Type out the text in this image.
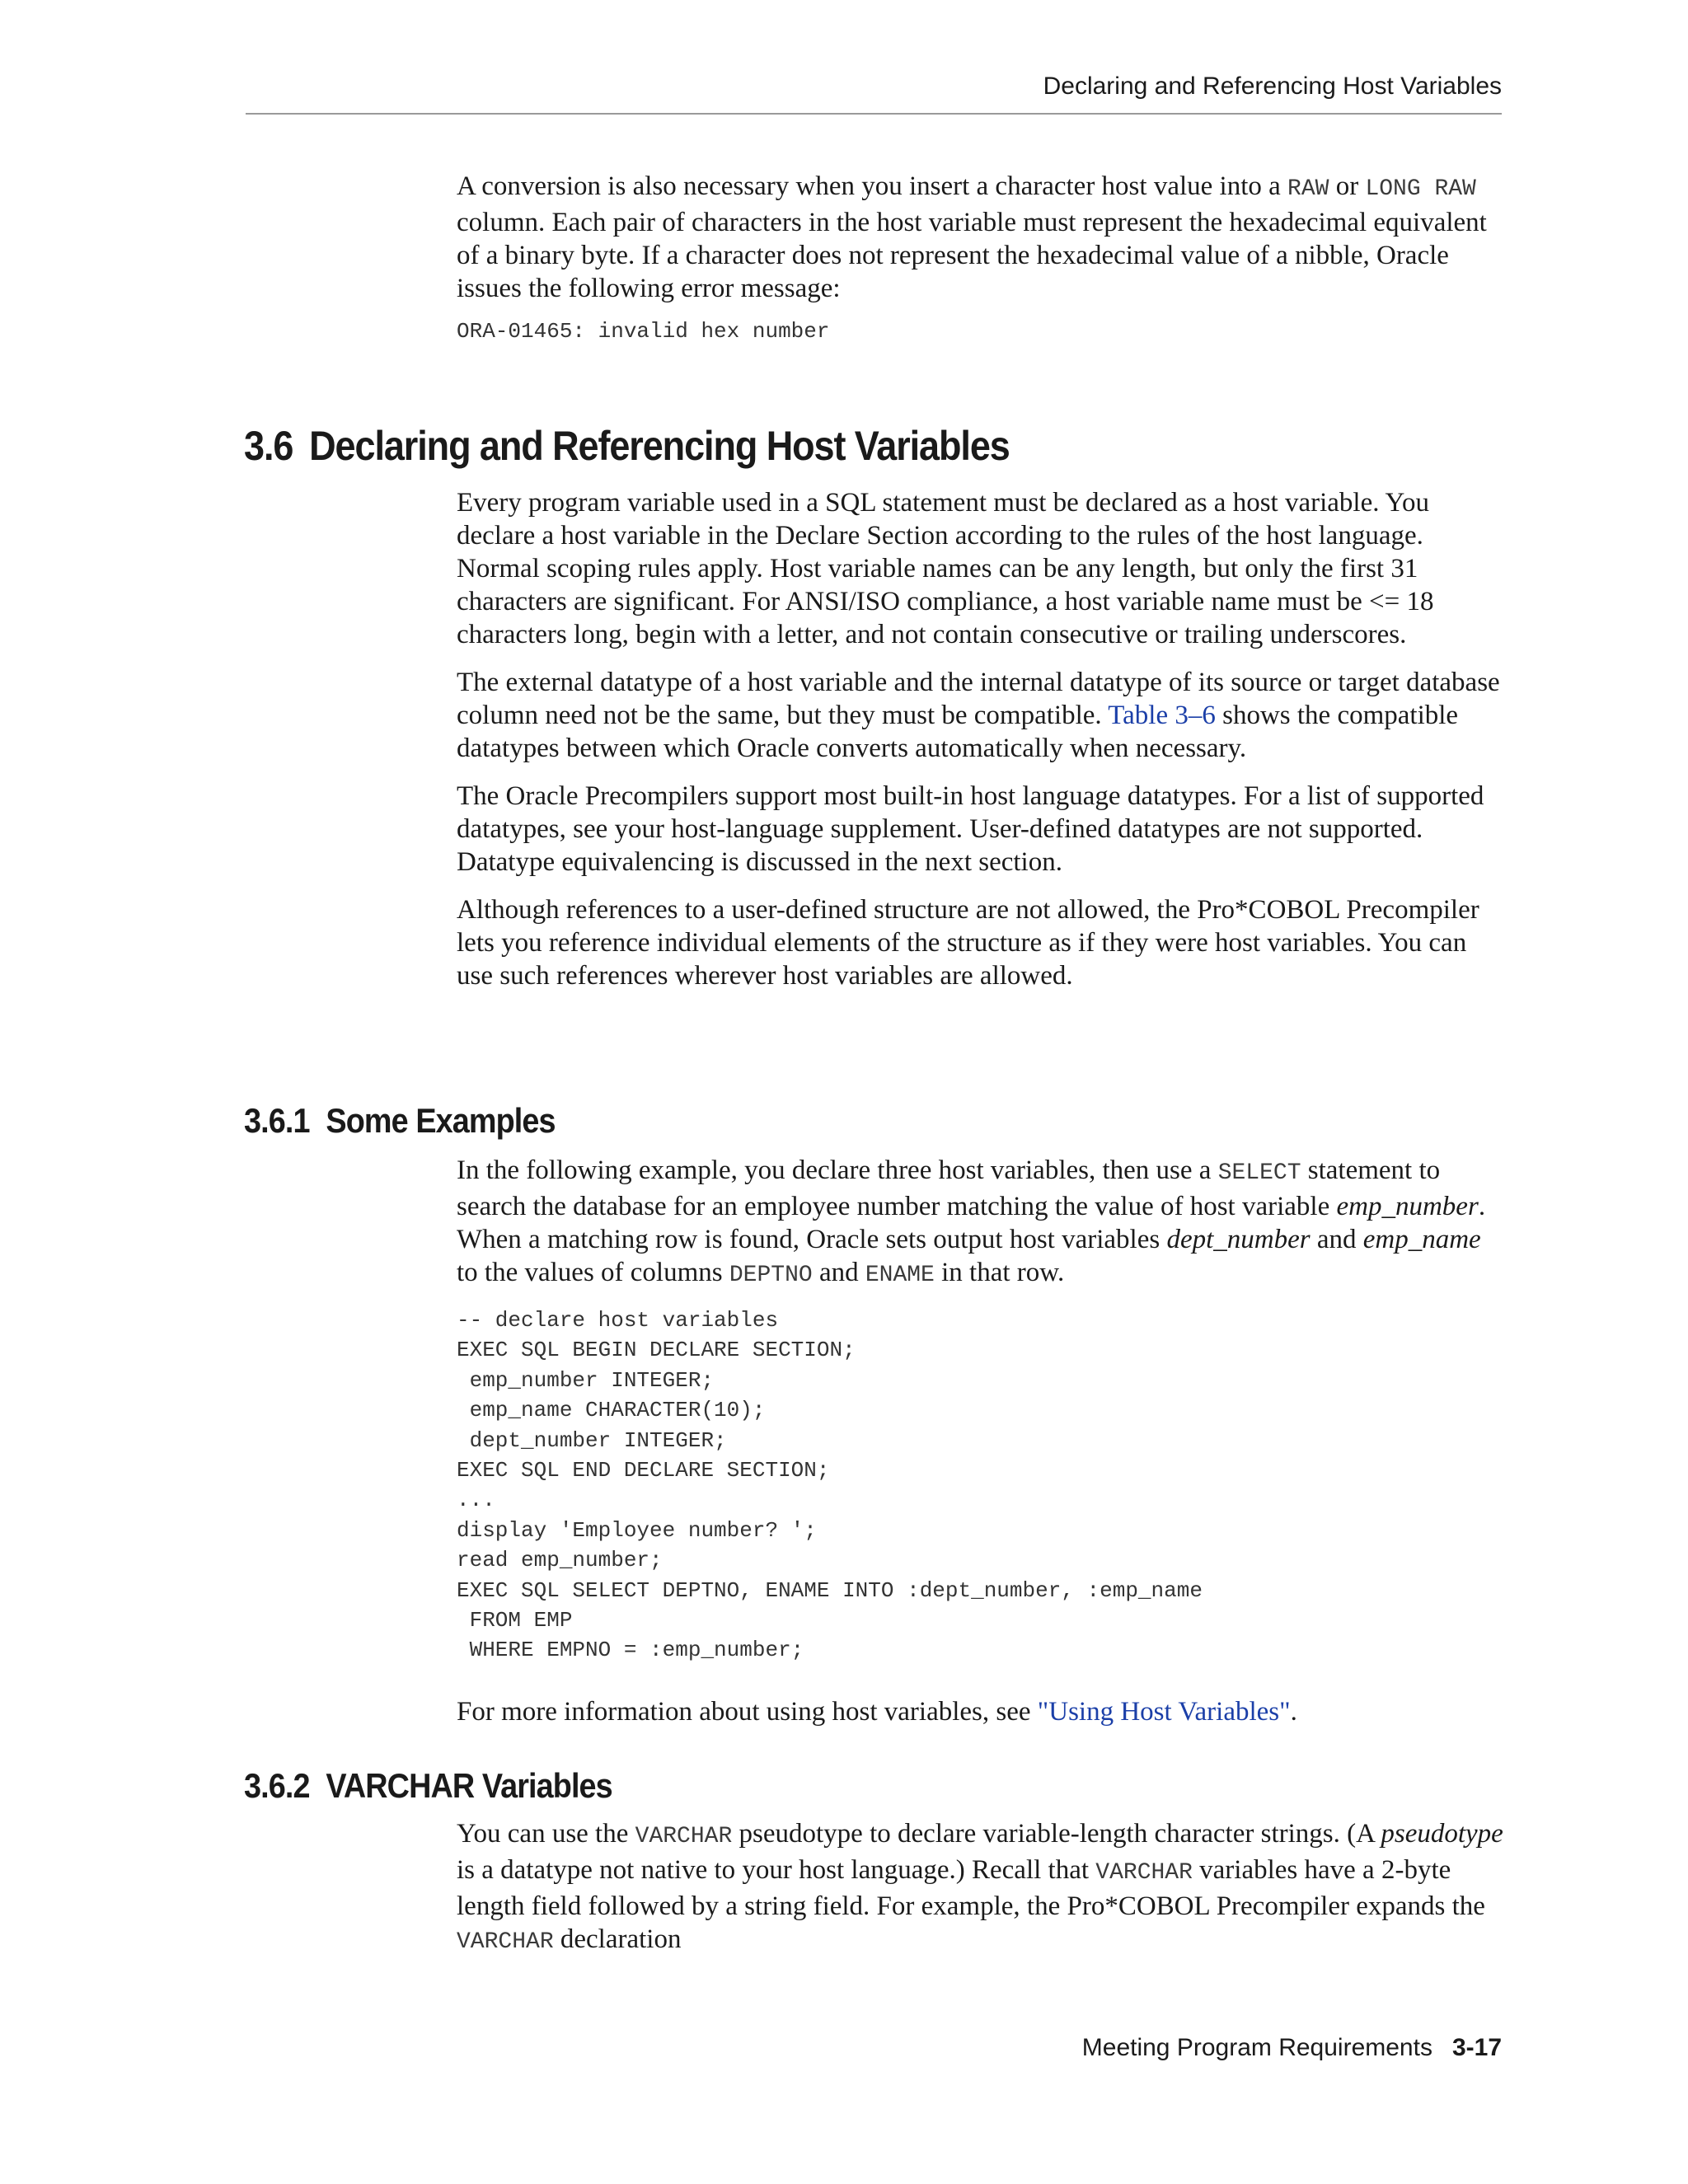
Declaring and Referencing Host Variables

A conversion is also necessary when you insert a character host value into a RAW or LONG RAW column. Each pair of characters in the host variable must represent the hexadecimal equivalent of a binary byte. If a character does not represent the hexadecimal value of a nibble, Oracle issues the following error message:

ORA-01465: invalid hex number
3.6 Declaring and Referencing Host Variables

Every program variable used in a SQL statement must be declared as a host variable. You declare a host variable in the Declare Section according to the rules of the host language. Normal scoping rules apply. Host variable names can be any length, but only the first 31 characters are significant. For ANSI/ISO compliance, a host variable name must be <= 18 characters long, begin with a letter, and not contain consecutive or trailing underscores.

The external datatype of a host variable and the internal datatype of its source or target database column need not be the same, but they must be compatible. Table 3–6 shows the compatible datatypes between which Oracle converts automatically when necessary.

The Oracle Precompilers support most built-in host language datatypes. For a list of supported datatypes, see your host-language supplement. User-defined datatypes are not supported. Datatype equivalencing is discussed in the next section.

Although references to a user-defined structure are not allowed, the Pro*COBOL Precompiler lets you reference individual elements of the structure as if they were host variables. You can use such references wherever host variables are allowed.

3.6.1 Some Examples

In the following example, you declare three host variables, then use a SELECT statement to search the database for an employee number matching the value of host variable emp_number. When a matching row is found, Oracle sets output host variables dept_number and emp_name to the values of columns DEPTNO and ENAME in that row.

-- declare host variables
EXEC SQL BEGIN DECLARE SECTION;
emp_number INTEGER;
emp_name CHARACTER(10);
dept_number INTEGER;
EXEC SQL END DECLARE SECTION;
...
display 'Employee number? ';
read emp_number;
EXEC SQL SELECT DEPTNO, ENAME INTO :dept_number, :emp_name
FROM EMP
WHERE EMPNO = :emp_number;

For more information about using host variables, see "Using Host Variables".

3.6.2 VARCHAR Variables

You can use the VARCHAR pseudotype to declare variable-length character strings. (A pseudotype is a datatype not native to your host language.) Recall that VARCHAR variables have a 2-byte length field followed by a string field. For example, the Pro*COBOL Precompiler expands the VARCHAR declaration

Meeting Program Requirements 3-17
